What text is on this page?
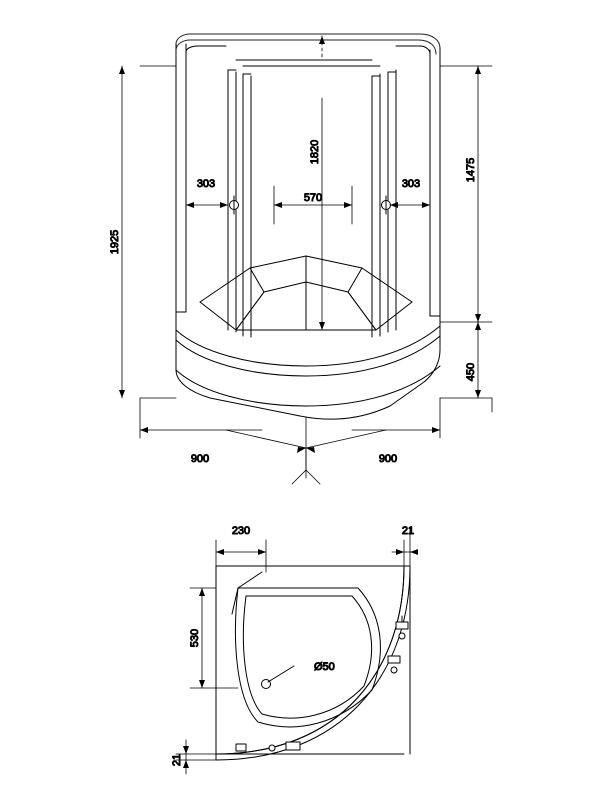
1925
1820
1475
450
303
570
303
900	900
230	21
530
21
Ø50
